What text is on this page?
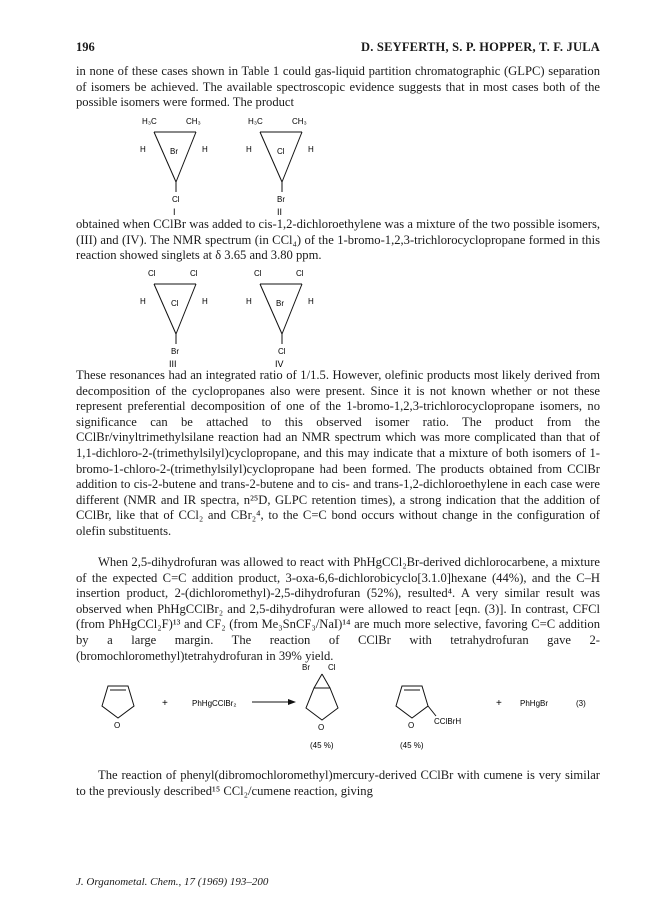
196	D. SEYFERTH, S. P. HOPPER, T. F. JULA

in none of these cases shown in Table 1 could gas-liquid partition chromatographic (GLPC) separation of isomers be achieved. The available spectroscopic evidence suggests that in most cases both of the possible isomers were formed. The product

H₃C	CH₃
H	H
Br
Cl
I
H₃C	CH₃
H	H
Cl
Br
II

obtained when CClBr was added to cis-1,2-dichloroethylene was a mixture of the two possible isomers, (III) and (IV). The NMR spectrum (in CCl₄) of the 1-bromo-1,2,3-trichlorocyclopropane formed in this reaction showed singlets at δ 3.65 and 3.80 ppm.

Cl	Cl
H	H
Cl
Br
III
Cl	Cl
H	H
Br
Cl
IV

These resonances had an integrated ratio of 1/1.5. However, olefinic products most likely derived from decomposition of the cyclopropanes also were present. Since it is not known whether or not these represent preferential decomposition of one of the 1-bromo-1,2,3-trichlorocyclopropane isomers, no significance can be attached to this observed isomer ratio. The product from the CClBr/vinyltrimethylsilane reaction had an NMR spectrum which was more complicated than that of 1,1-dichloro-2-(trimethylsilyl)cyclopropane, and this may indicate that a mixture of both isomers of 1-bromo-1-chloro-2-(trimethylsilyl)cyclopropane had been formed. The products obtained from CClBr addition to cis-2-butene and trans-2-butene and to cis- and trans-1,2-dichloroethylene in each case were different (NMR and IR spectra, n²⁵D, GLPC retention times), a strong indication that the addition of CClBr, like that of CCl₂ and CBr₂⁴, to the C=C bond occurs without change in the configuration of olefin substituents.

When 2,5-dihydrofuran was allowed to react with PhHgCCl₂Br-derived dichlorocarbene, a mixture of the expected C=C addition product, 3-oxa-6,6-dichlorobicyclo[3.1.0]hexane (44%), and the C–H insertion product, 2-(dichloromethyl)-2,5-dihydrofuran (52%), resulted⁴. A very similar result was observed when PhHgCClBr₂ and 2,5-dihydrofuran were allowed to react [eqn. (3)]. In contrast, CFCl (from PhHgCCl₂F)¹³ and CF₂ (from Me₃SnCF₃/NaI)¹⁴ are much more selective, favoring C=C addition by a large margin. The reaction of CClBr with tetrahydrofuran gave 2-(bromochloromethyl)tetrahydrofuran in 39% yield.

O
+	PhHgCClBr₂
Br Cl
O	O CClBrH
+ PhHgBr	(3)
(45 %)	(45 %)

The reaction of phenyl(dibromochloromethyl)mercury-derived CClBr with cumene is very similar to the previously described¹⁵ CCl₂/cumene reaction, giving

J. Organometal. Chem., 17 (1969) 193–200
